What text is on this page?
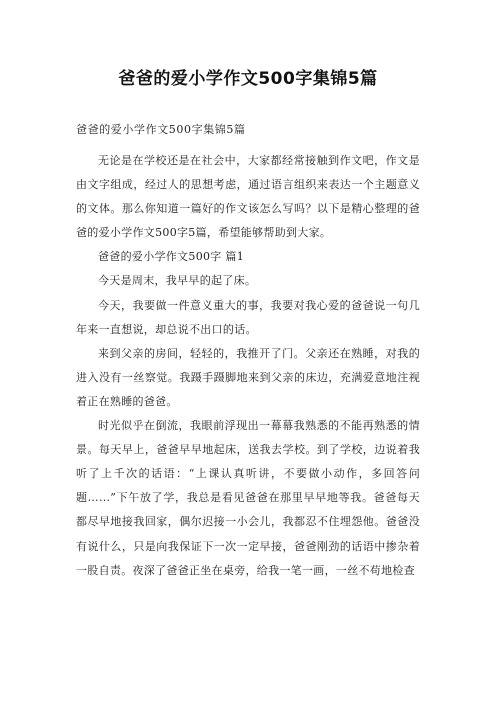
爸爸的爱小学作文500字集锦5篇
爸爸的爱小学作文500字集锦5篇

无论是在学校还是在社会中，大家都经常接触到作文吧，作文是由文字组成，经过人的思想考虑，通过语言组织来表达一个主题意义的文体。那么你知道一篇好的作文该怎么写吗？以下是精心整理的爸爸的爱小学作文500字5篇，希望能够帮助到大家。

爸爸的爱小学作文500字 篇1

今天是周末，我早早的起了床。

今天，我要做一件意义重大的事，我要对我心爱的爸爸说一句几年来一直想说，却总说不出口的话。

来到父亲的房间，轻轻的，我推开了门。父亲还在熟睡，对我的进入没有一丝察觉。我蹑手蹑脚地来到父亲的床边，充满爱意地注视着正在熟睡的爸爸。

时光似乎在倒流，我眼前浮现出一幕幕我熟悉的不能再熟悉的情景。每天早上，爸爸早早地起床，送我去学校。到了学校，边说着我听了上千次的话语：“上课认真听讲，不要做小动作，多回答问题……”下午放了学，我总是看见爸爸在那里早早地等我。爸爸每天都尽早地接我回家，偶尔迟接一小会儿，我都忍不住埋怨他。爸爸没有说什么，只是向我保证下一次一定早接，爸爸刚劲的话语中掺杂着一股自责。夜深了爸爸正坐在桌旁，给我一笔一画，一丝不苟地检查
